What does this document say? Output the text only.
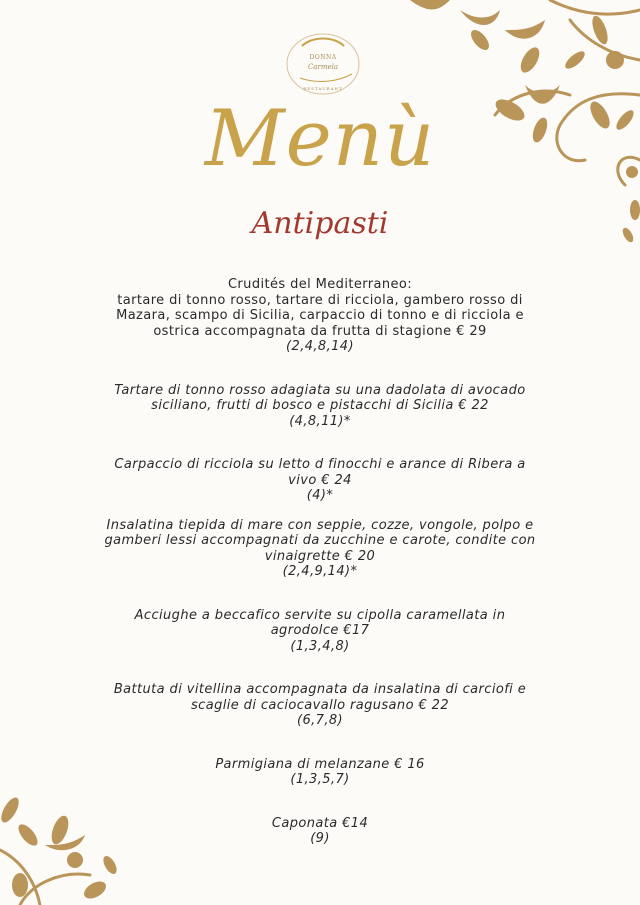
DONNA
Carmela
RESTAURANT
Menù
Antipasti
Crudités del Mediterraneo:
tartare di tonno rosso, tartare di ricciola, gambero rosso di Mazara, scampo di Sicilia, carpaccio di tonno e di ricciola e ostrica accompagnata da frutta di stagione € 29
(2,4,8,14)
Tartare di tonno rosso adagiata su una dadolata di avocado siciliano, frutti di bosco e pistacchi di Sicilia € 22
(4,8,11)*
Carpaccio di ricciola su letto d finocchi e arance di Ribera a vivo € 24
(4)*
Insalatina tiepida di mare con seppie, cozze, vongole, polpo e gamberi lessi accompagnati da zucchine e carote, condite con vinaigrette € 20
(2,4,9,14)*
Acciughe a beccafico servite su cipolla caramellata in agrodolce €17
(1,3,4,8)
Battuta di vitellina accompagnata da insalatina di carciofi e scaglie di caciocavallo ragusano € 22
(6,7,8)
Parmigiana di melanzane € 16
(1,3,5,7)
Caponata €14
(9)
